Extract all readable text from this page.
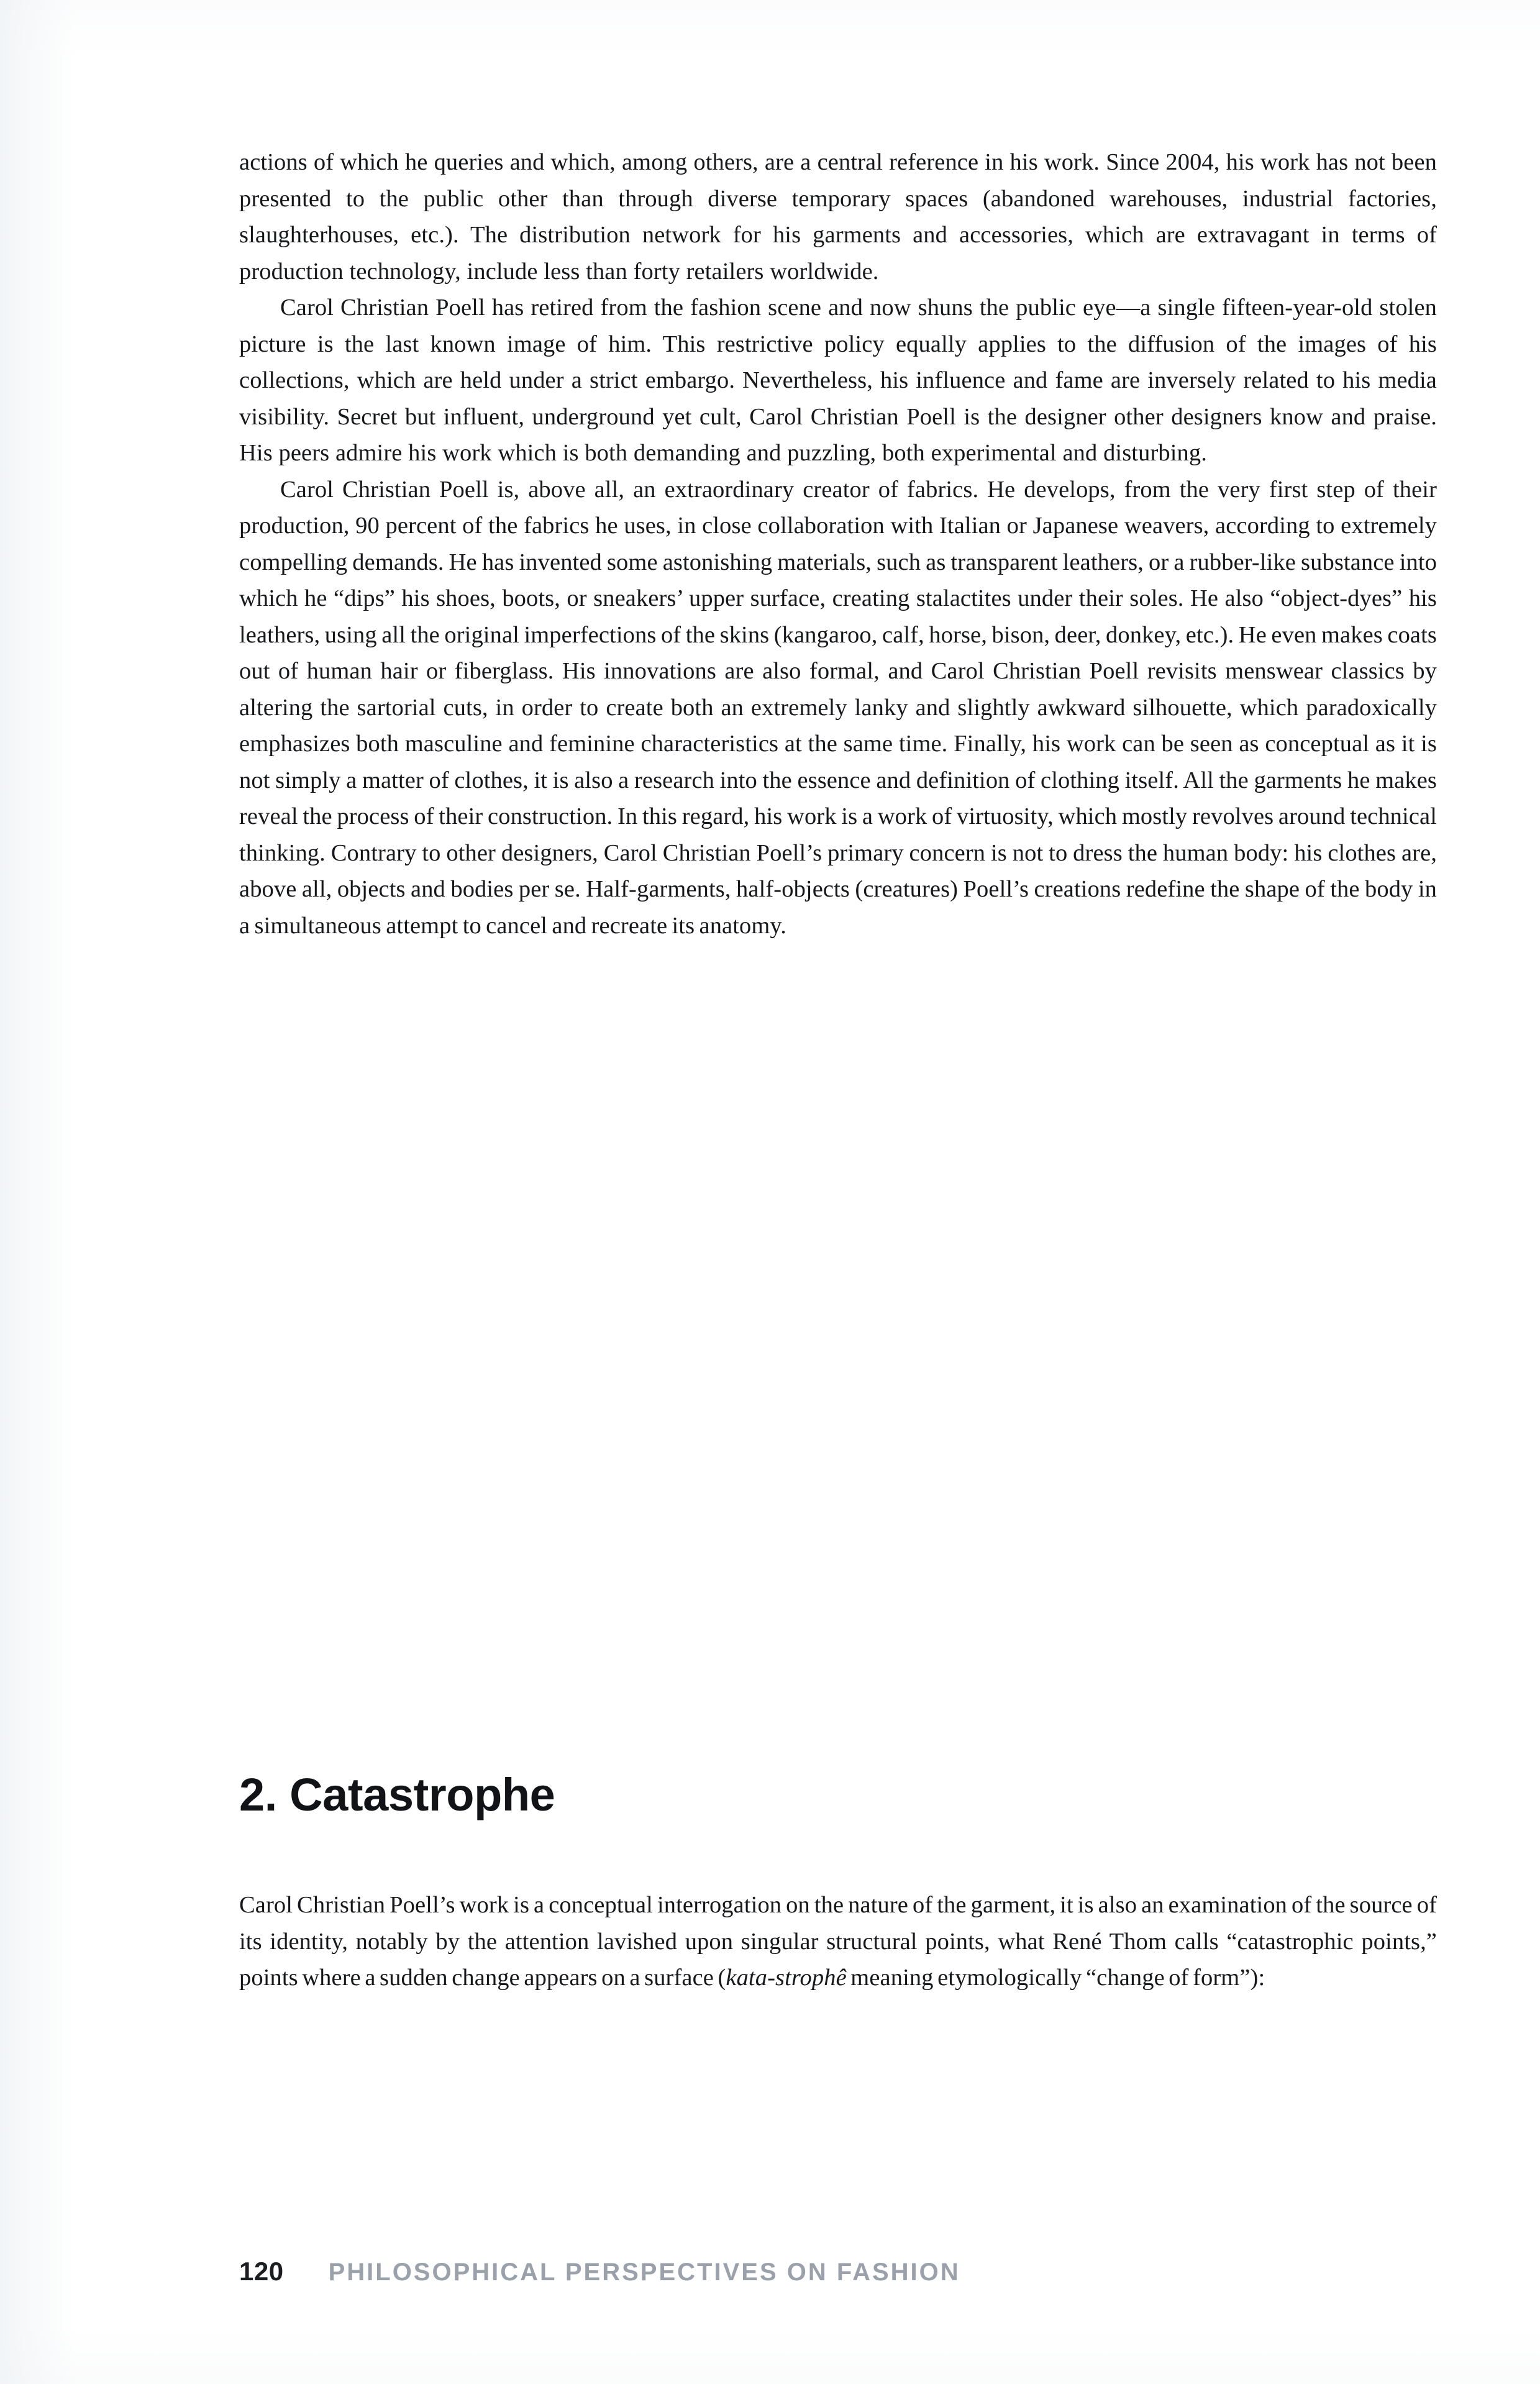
actions of which he queries and which, among others, are a central reference in his work. Since 2004, his work has not been presented to the public other than through diverse temporary spaces (abandoned warehouses, industrial factories, slaughterhouses, etc.). The distribution network for his garments and accessories, which are extravagant in terms of production technology, include less than forty retailers worldwide.

Carol Christian Poell has retired from the fashion scene and now shuns the public eye—a single fifteen-year-old stolen picture is the last known image of him. This restrictive policy equally applies to the diffusion of the images of his collections, which are held under a strict embargo. Nevertheless, his influence and fame are inversely related to his media visibility. Secret but influent, underground yet cult, Carol Christian Poell is the designer other designers know and praise. His peers admire his work which is both demanding and puzzling, both experimental and disturbing.

Carol Christian Poell is, above all, an extraordinary creator of fabrics. He develops, from the very first step of their production, 90 percent of the fabrics he uses, in close collaboration with Italian or Japanese weavers, according to extremely compelling demands. He has invented some astonishing materials, such as transparent leathers, or a rubber-like substance into which he “dips” his shoes, boots, or sneakers’ upper surface, creating stalactites under their soles. He also “object-dyes” his leathers, using all the original imperfections of the skins (kangaroo, calf, horse, bison, deer, donkey, etc.). He even makes coats out of human hair or fiberglass. His innovations are also formal, and Carol Christian Poell revisits menswear classics by altering the sartorial cuts, in order to create both an extremely lanky and slightly awkward silhouette, which paradoxically emphasizes both masculine and feminine characteristics at the same time. Finally, his work can be seen as conceptual as it is not simply a matter of clothes, it is also a research into the essence and definition of clothing itself. All the garments he makes reveal the process of their construction. In this regard, his work is a work of virtuosity, which mostly revolves around technical thinking. Contrary to other designers, Carol Christian Poell’s primary concern is not to dress the human body: his clothes are, above all, objects and bodies per se. Half-garments, half-objects (creatures) Poell’s creations redefine the shape of the body in a simultaneous attempt to cancel and recreate its anatomy.

2. Catastrophe

Carol Christian Poell’s work is a conceptual interrogation on the nature of the garment, it is also an examination of the source of its identity, notably by the attention lavished upon singular structural points, what René Thom calls “catastrophic points,” points where a sudden change appears on a surface (kata-strophê meaning etymologically “change of form”):

120 PHILOSOPHICAL PERSPECTIVES ON FASHION
